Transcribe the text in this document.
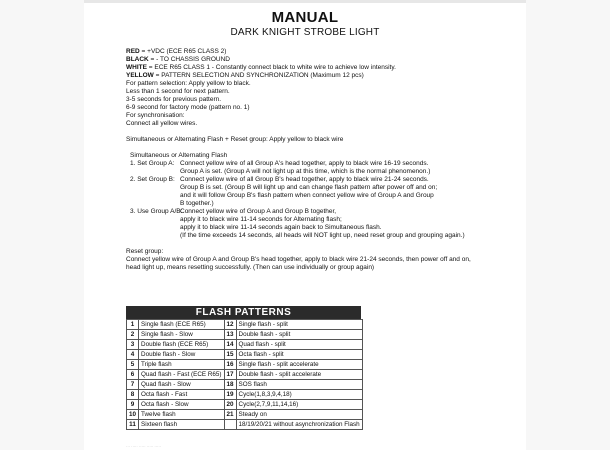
MANUAL
DARK KNIGHT STROBE LIGHT
RED = +VDC (ECE R65 CLASS 2)
BLACK = - TO CHASSIS GROUND
WHITE = ECE R65 CLASS 1 - Constantly connect black to white wire to achieve low intensity.
YELLOW = PATTERN SELECTION AND SYNCHRONIZATION (Maximum 12 pcs)
For pattern selection: Apply yellow to black.
Less than 1 second for next pattern.
3-5 seconds for previous pattern.
6-9 second for factory mode (pattern no. 1)
For synchronisation:
Connect all yellow wires.
Simultaneous or Alternating Flash + Reset group: Apply yellow to black wire
Simultaneous or Alternating Flash
1. Set Group A: Connect yellow wire of all Group A's head together, apply to black wire 16-19 seconds.
Group A is set. (Group A will not light up at this time, which is the normal phenomenon.)
2. Set Group B: Connect yellow wire of all Group B's head together, apply to black wire 21-24 seconds.
Group B is set. (Group B will light up and can change flash pattern after power off and on;
and it will follow Group B's flash pattern when connect yellow wire of Group A and Group
B together.)
3. Use Group A/B:
Connect yellow wire of Group A and Group B together,
apply it to black wire 11-14 seconds for Alternating flash;
apply it to black wire 11-14 seconds again back to Simultaneous flash.
(If the time exceeds 14 seconds, all heads will NOT light up, need reset group and grouping again.)
Reset group:
Connect yellow wire of Group A and Group B's head together, apply to black wire 21-24 seconds, then power off and on,
head light up, means resetting successfully. (Then can use individually or group again)
FLASH PATTERNS
1	Single flash (ECE R65)	12	Single flash - split
2	Single flash - Slow	13	Double flash - split
3	Double flash (ECE R65)	14	Quad flash - split
4	Double flash - Slow	15	Octa flash - split
5	Triple flash	16	Single flash - split accelerate
6	Quad flash - Fast (ECE R65)	17	Double flash - split accelerate
7	Quad flash - Slow	18	SOS flash
8	Octa flash - Fast	19	Cycle(1,8,3,9,4,18)
9	Octa flash - Slow	20	Cycle(2,7,9,11,14,16)
10	Twelve flash	21	Steady on
11	Sixteen flash		18/19/20/21 without asynchronization Flash
··· ····· ····· ····· ·····
